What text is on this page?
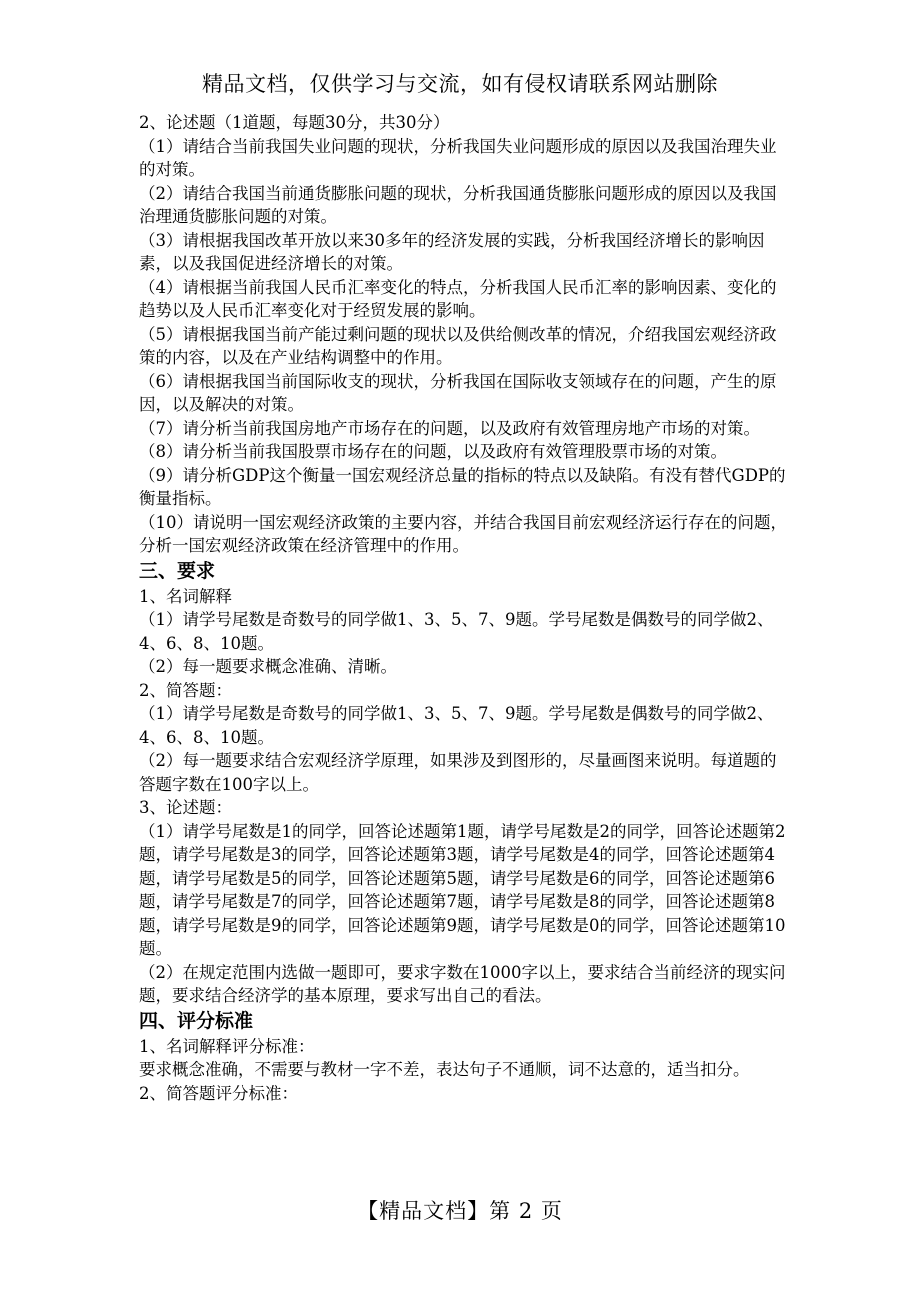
精品文档，仅供学习与交流，如有侵权请联系网站删除

2、论述题（1道题，每题30分，共30分）

（1）请结合当前我国失业问题的现状，分析我国失业问题形成的原因以及我国治理失业的对策。

（2）请结合我国当前通货膨胀问题的现状，分析我国通货膨胀问题形成的原因以及我国治理通货膨胀问题的对策。

（3）请根据我国改革开放以来30多年的经济发展的实践，分析我国经济增长的影响因素，以及我国促进经济增长的对策。

（4）请根据当前我国人民币汇率变化的特点，分析我国人民币汇率的影响因素、变化的趋势以及人民币汇率变化对于经贸发展的影响。

（5）请根据我国当前产能过剩问题的现状以及供给侧改革的情况，介绍我国宏观经济政策的内容，以及在产业结构调整中的作用。

（6）请根据我国当前国际收支的现状，分析我国在国际收支领域存在的问题，产生的原因，以及解决的对策。

（7）请分析当前我国房地产市场存在的问题，以及政府有效管理房地产市场的对策。

（8）请分析当前我国股票市场存在的问题，以及政府有效管理股票市场的对策。

（9）请分析GDP这个衡量一国宏观经济总量的指标的特点以及缺陷。有没有替代GDP的衡量指标。

（10）请说明一国宏观经济政策的主要内容，并结合我国目前宏观经济运行存在的问题，分析一国宏观经济政策在经济管理中的作用。

三、要求

1、名词解释

（1）请学号尾数是奇数号的同学做1、3、5、7、9题。学号尾数是偶数号的同学做2、4、6、8、10题。

（2）每一题要求概念准确、清晰。

2、简答题：

（1）请学号尾数是奇数号的同学做1、3、5、7、9题。学号尾数是偶数号的同学做2、4、6、8、10题。

（2）每一题要求结合宏观经济学原理，如果涉及到图形的，尽量画图来说明。每道题的答题字数在100字以上。

3、论述题：

（1）请学号尾数是1的同学，回答论述题第1题，请学号尾数是2的同学，回答论述题第2题，请学号尾数是3的同学，回答论述题第3题，请学号尾数是4的同学，回答论述题第4题，请学号尾数是5的同学，回答论述题第5题，请学号尾数是6的同学，回答论述题第6题，请学号尾数是7的同学，回答论述题第7题，请学号尾数是8的同学，回答论述题第8题，请学号尾数是9的同学，回答论述题第9题，请学号尾数是0的同学，回答论述题第10题。

（2）在规定范围内选做一题即可，要求字数在1000字以上，要求结合当前经济的现实问题，要求结合经济学的基本原理，要求写出自己的看法。

四、评分标准

1、名词解释评分标准：

要求概念准确，不需要与教材一字不差，表达句子不通顺，词不达意的，适当扣分。

2、简答题评分标准：

【精品文档】第 2 页
